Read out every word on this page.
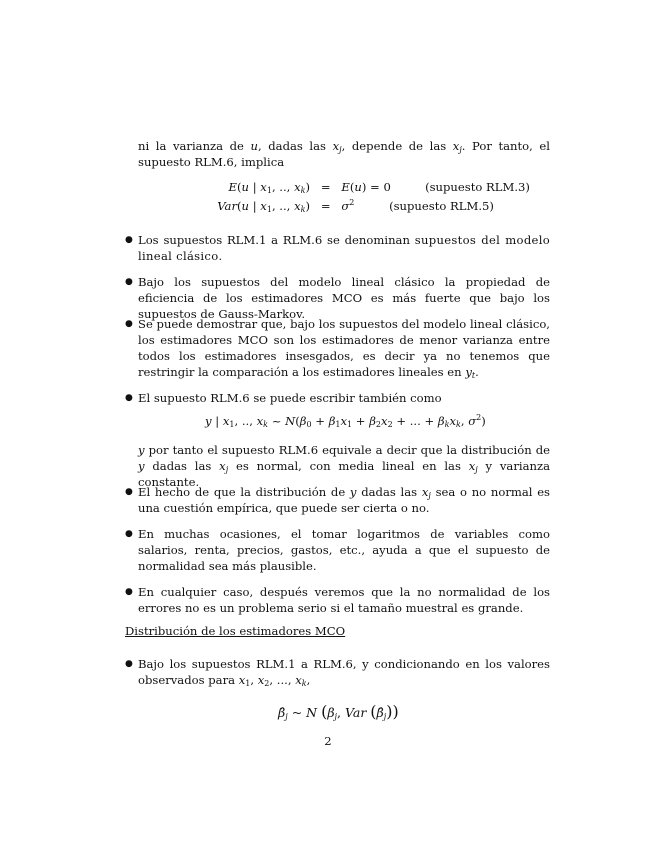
ni la varianza de u, dadas las $x_j$, depende de las $x_j$. Por tanto, el supuesto RLM.6, implica
E(u | $x_1$, .., $x_k) = E(u) = 0$	(supuesto RLM.3)
Var(u | $x_1$, .., $x_k) = \sigma^2$	(supuesto RLM.5)
● Los supuestos RLM.1 a RLM.6 se denominan supuestos del modelo lineal clásico.
● Bajo los supuestos del modelo lineal clásico la propiedad de eficiencia de los estimadores MCO es más fuerte que bajo los supuestos de Gauss-Markov.
● Se puede demostrar que, bajo los supuestos del modelo lineal clásico, los estimadores MCO son los estimadores de menor varianza entre todos los estimadores insesgados, es decir ya no tenemos que restringir la comparación a los estimadores lineales en $y_t$.
● El supuesto RLM.6 se puede escribir también como
y | $x_1$, .., $x_k$ ~ $N(\beta_0 + \beta_1x_1 + \beta_2x_2$ + ... + $\beta_kx_k$, $\sigma^2$)
y por tanto el supuesto RLM.6 equivale a decir que la distribución de y dadas las $x_j$ es normal, con media lineal en las $x_j$ y varianza constante.
● El hecho de que la distribución de y dadas las $x_j$ sea o no normal es una cuestión empírica, que puede ser cierta o no.
● En muchas ocasiones, el tomar logaritmos de variables como salarios, renta, precios, gastos, etc., ayuda a que el supuesto de normalidad sea más plausible.
● En cualquier caso, después veremos que la no normalidad de los errores no es un problema serio si el tamaño muestral es grande.
Distribución de los estimadores MCO
● Bajo los supuestos RLM.1 a RLM.6, y condicionando en los valores observados para $x_1$, $x_2$, ..., $x_k$,
$\betâ_j$ ~ N ($\beta_j$, Var $(\betâ_j)$)
2
